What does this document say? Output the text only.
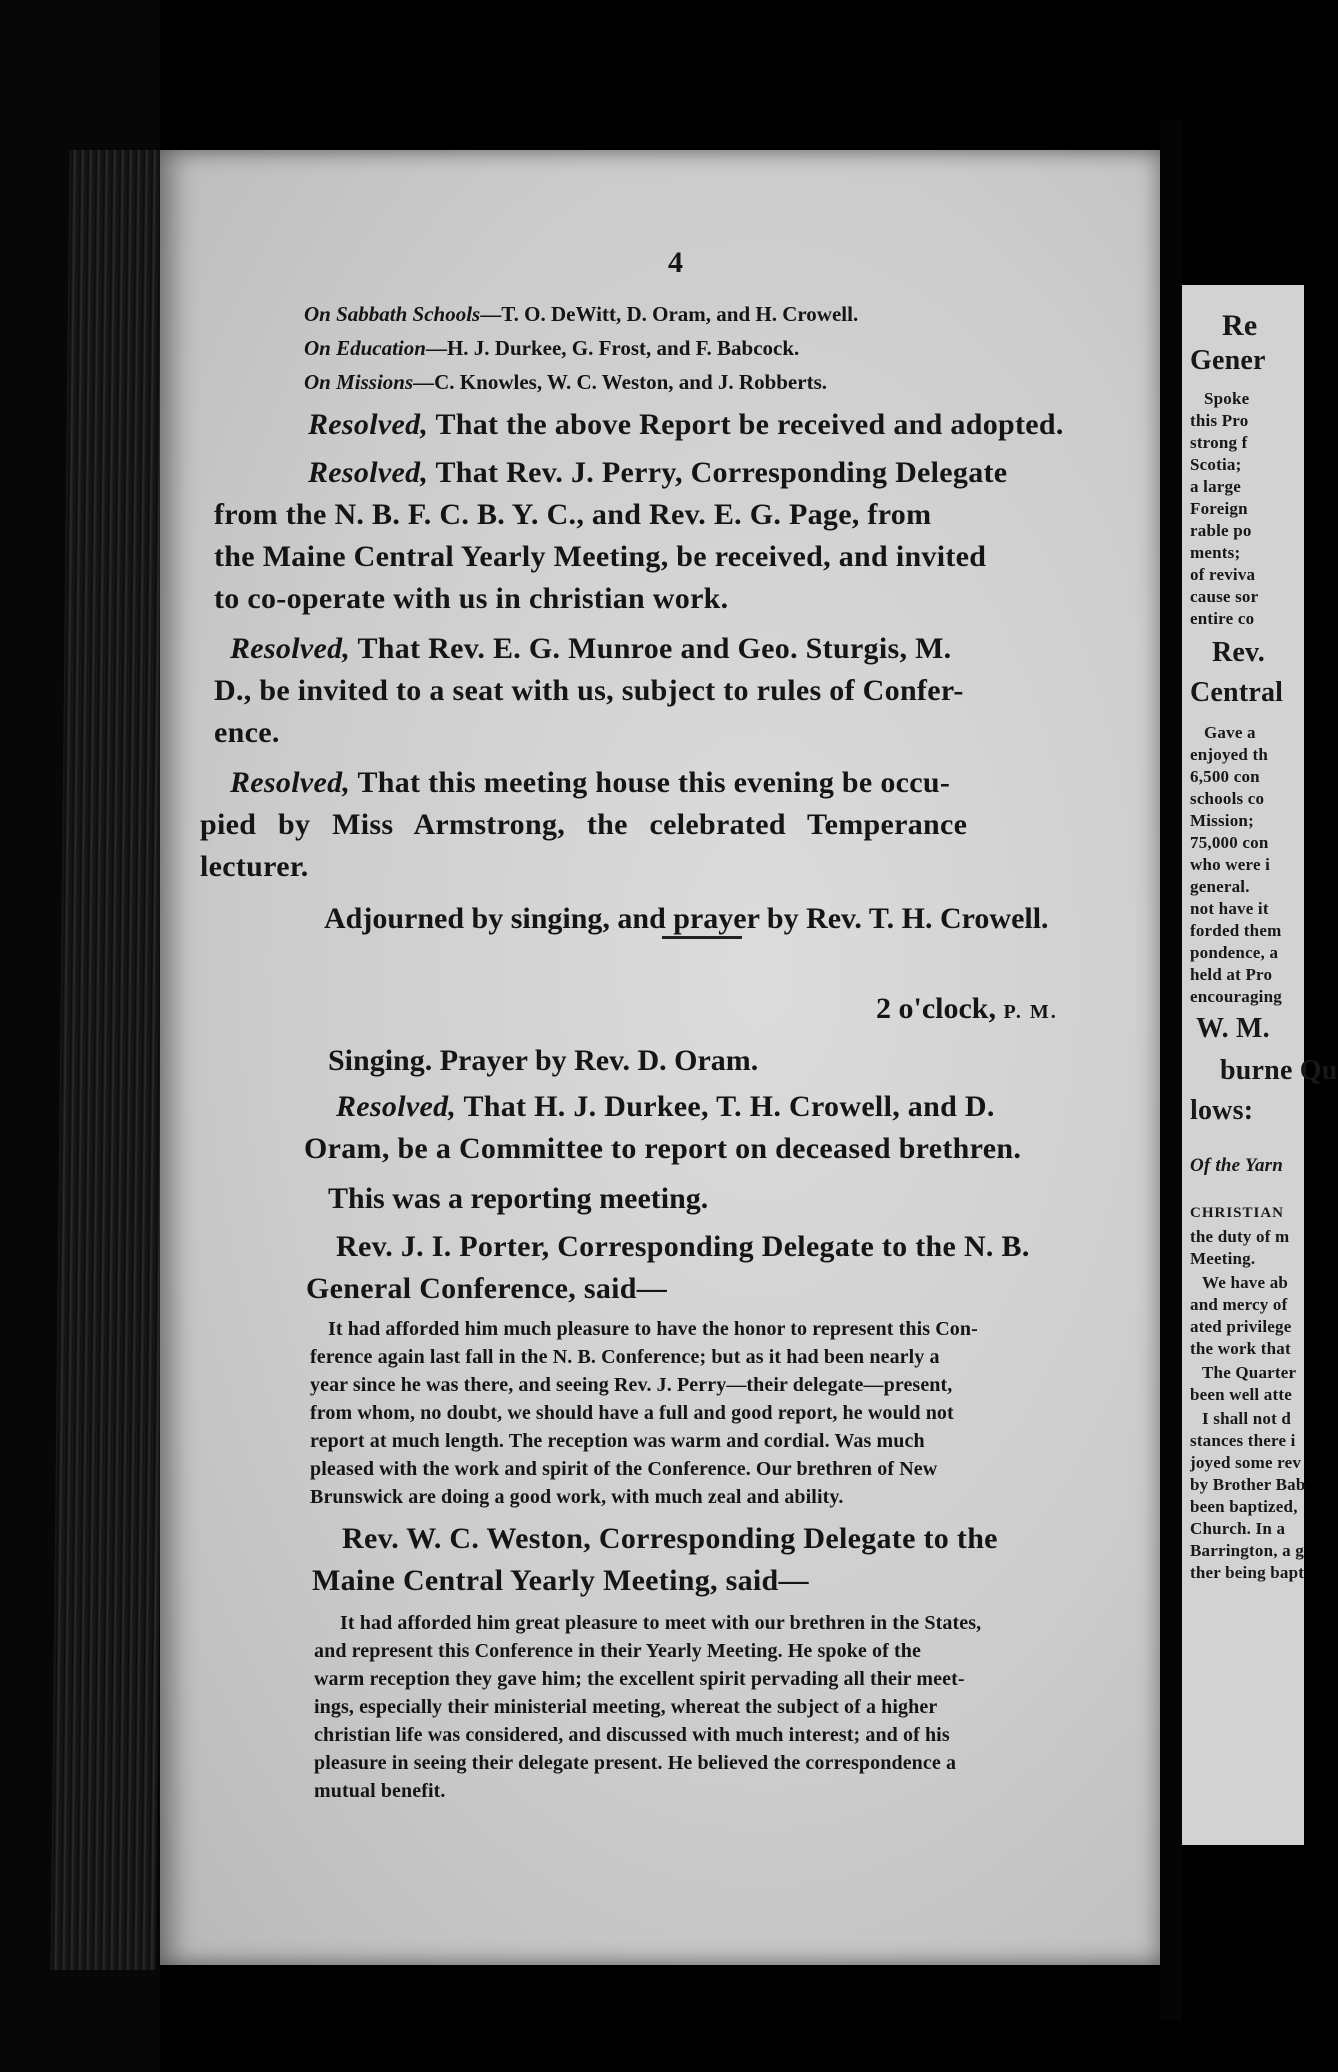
4
On Sabbath Schools—T. O. DeWitt, D. Oram, and H. Crowell.
On Education—H. J. Durkee, G. Frost, and F. Babcock.
On Missions—C. Knowles, W. C. Weston, and J. Robberts.
Resolved, That the above Report be received and adopted.
Resolved, That Rev. J. Perry, Corresponding Delegate
from the N. B. F. C. B. Y. C., and Rev. E. G. Page, from
the Maine Central Yearly Meeting, be received, and invited
to co-operate with us in christian work.
Resolved, That Rev. E. G. Munroe and Geo. Sturgis, M.
D., be invited to a seat with us, subject to rules of Confer-
ence.
Resolved, That this meeting house this evening be occu-
pied by Miss Armstrong, the celebrated Temperance
lecturer.
Adjourned by singing, and prayer by Rev. T. H. Crowell.
2 o'clock, P. M.
Singing. Prayer by Rev. D. Oram.
Resolved, That H. J. Durkee, T. H. Crowell, and D.
Oram, be a Committee to report on deceased brethren.
This was a reporting meeting.
Rev. J. I. Porter, Corresponding Delegate to the N. B.
General Conference, said—
It had afforded him much pleasure to have the honor to represent this Con-
ference again last fall in the N. B. Conference; but as it had been nearly a
year since he was there, and seeing Rev. J. Perry—their delegate—present,
from whom, no doubt, we should have a full and good report, he would not
report at much length. The reception was warm and cordial. Was much
pleased with the work and spirit of the Conference. Our brethren of New
Brunswick are doing a good work, with much zeal and ability.
Rev. W. C. Weston, Corresponding Delegate to the
Maine Central Yearly Meeting, said—
It had afforded him great pleasure to meet with our brethren in the States,
and represent this Conference in their Yearly Meeting. He spoke of the
warm reception they gave him; the excellent spirit pervading all their meet-
ings, especially their ministerial meeting, whereat the subject of a higher
christian life was considered, and discussed with much interest; and of his
pleasure in seeing their delegate present. He believed the correspondence a
mutual benefit.
Re
Gener
Spoke
this Pro
strong f
Scotia;
a large
Foreign
rable po
ments;
of reviva
cause sor
entire co
Rev.
Central
Gave a
enjoyed th
6,500 con
schools co
Mission;
75,000 con
who were i
general.
not have it
forded them
pondence, a
held at Pro
encouraging
W. M.
burne Qu
lows:
Of the Yarn
CHRISTIAN
the duty of m
Meeting.
We have ab
and mercy of
ated privilege
the work that
The Quarter
been well atte
I shall not d
stances there i
joyed some rev
by Brother Bab
been baptized,
Church. In a
Barrington, a g
ther being bapt
